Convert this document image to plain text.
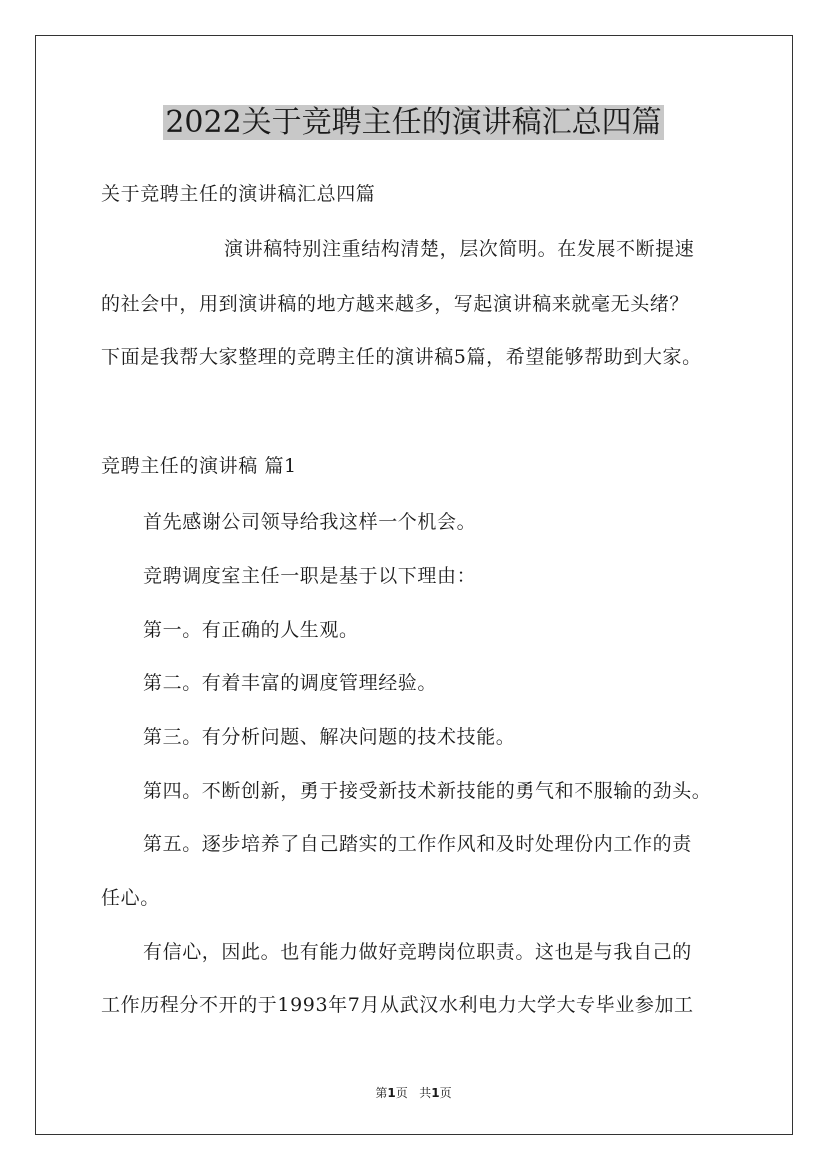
2022关于竞聘主任的演讲稿汇总四篇
关于竞聘主任的演讲稿汇总四篇
演讲稿特别注重结构清楚，层次简明。在发展不断提速
的社会中，用到演讲稿的地方越来越多，写起演讲稿来就毫无头绪？
下面是我帮大家整理的竞聘主任的演讲稿5篇，希望能够帮助到大家。
竞聘主任的演讲稿 篇1
首先感谢公司领导给我这样一个机会。
竞聘调度室主任一职是基于以下理由：
第一。有正确的人生观。
第二。有着丰富的调度管理经验。
第三。有分析问题、解决问题的技术技能。
第四。不断创新，勇于接受新技术新技能的勇气和不服输的劲头。
第五。逐步培养了自己踏实的工作作风和及时处理份内工作的责
任心。
有信心，因此。也有能力做好竞聘岗位职责。这也是与我自己的
工作历程分不开的于1993年7月从武汉水利电力大学大专毕业参加工
第1页   共1页
